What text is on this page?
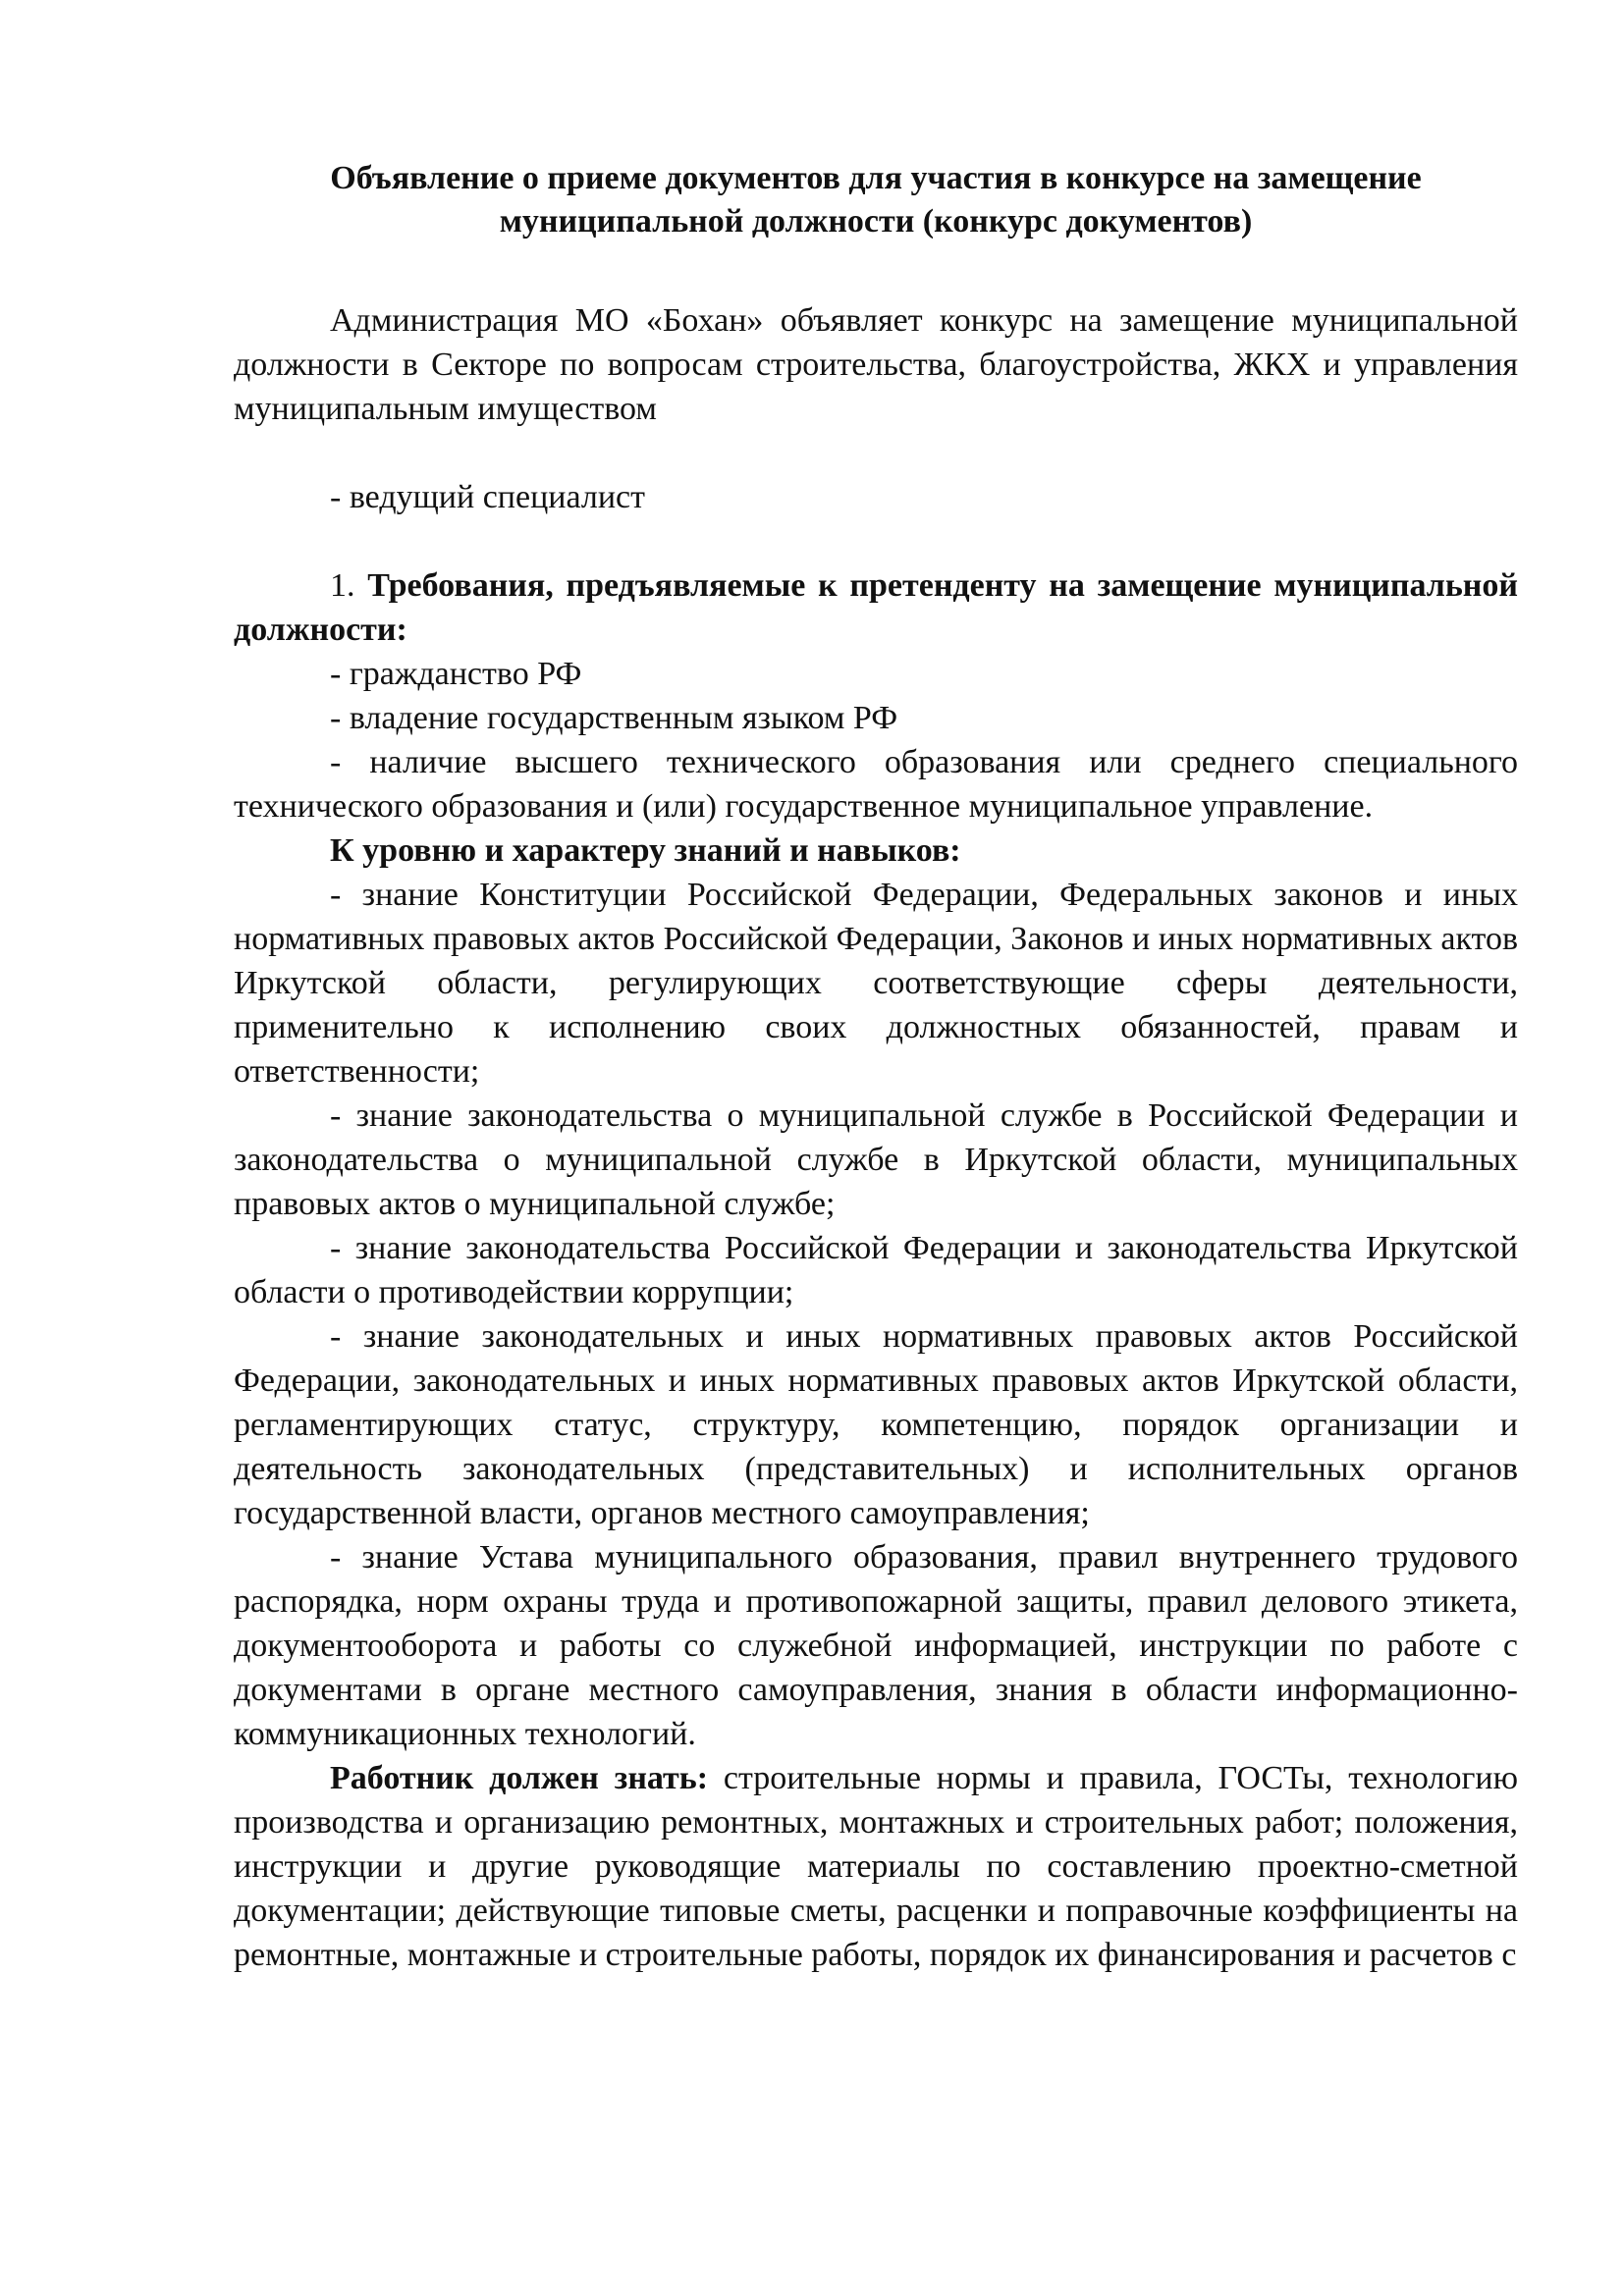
Объявление о приеме документов для участия в конкурсе на замещение муниципальной должности (конкурс документов)

Администрация МО «Бохан» объявляет конкурс на замещение муниципальной должности в Секторе по вопросам строительства, благоустройства, ЖКХ и управления муниципальным имуществом

- ведущий специалист

1. Требования, предъявляемые к претенденту на замещение муниципальной должности:

- гражданство РФ

- владение государственным языком РФ

- наличие высшего технического образования или среднего специального технического образования и (или) государственное муниципальное управление.

К уровню и характеру знаний и навыков:

- знание Конституции Российской Федерации, Федеральных законов и иных нормативных правовых актов Российской Федерации, Законов и иных нормативных актов Иркутской области, регулирующих соответствующие сферы деятельности, применительно к исполнению своих должностных обязанностей, правам и ответственности;

- знание законодательства о муниципальной службе в Российской Федерации и законодательства о муниципальной службе в Иркутской области, муниципальных правовых актов о муниципальной службе;

- знание законодательства Российской Федерации и законодательства Иркутской области о противодействии коррупции;

- знание законодательных и иных нормативных правовых актов Российской Федерации, законодательных и иных нормативных правовых актов Иркутской области, регламентирующих статус, структуру, компетенцию, порядок организации и деятельность законодательных (представительных) и исполнительных органов государственной власти, органов местного самоуправления;

- знание Устава муниципального образования, правил внутреннего трудового распорядка, норм охраны труда и противопожарной защиты, правил делового этикета, документооборота и работы со служебной информацией, инструкции по работе с документами в органе местного самоуправления, знания в области информационно-коммуникационных технологий.

Работник должен знать: строительные нормы и правила, ГОСТы, технологию производства и организацию ремонтных, монтажных и строительных работ; положения, инструкции и другие руководящие материалы по составлению проектно-сметной документации; действующие типовые сметы, расценки и поправочные коэффициенты на ремонтные, монтажные и строительные работы, порядок их финансирования и расчетов с
